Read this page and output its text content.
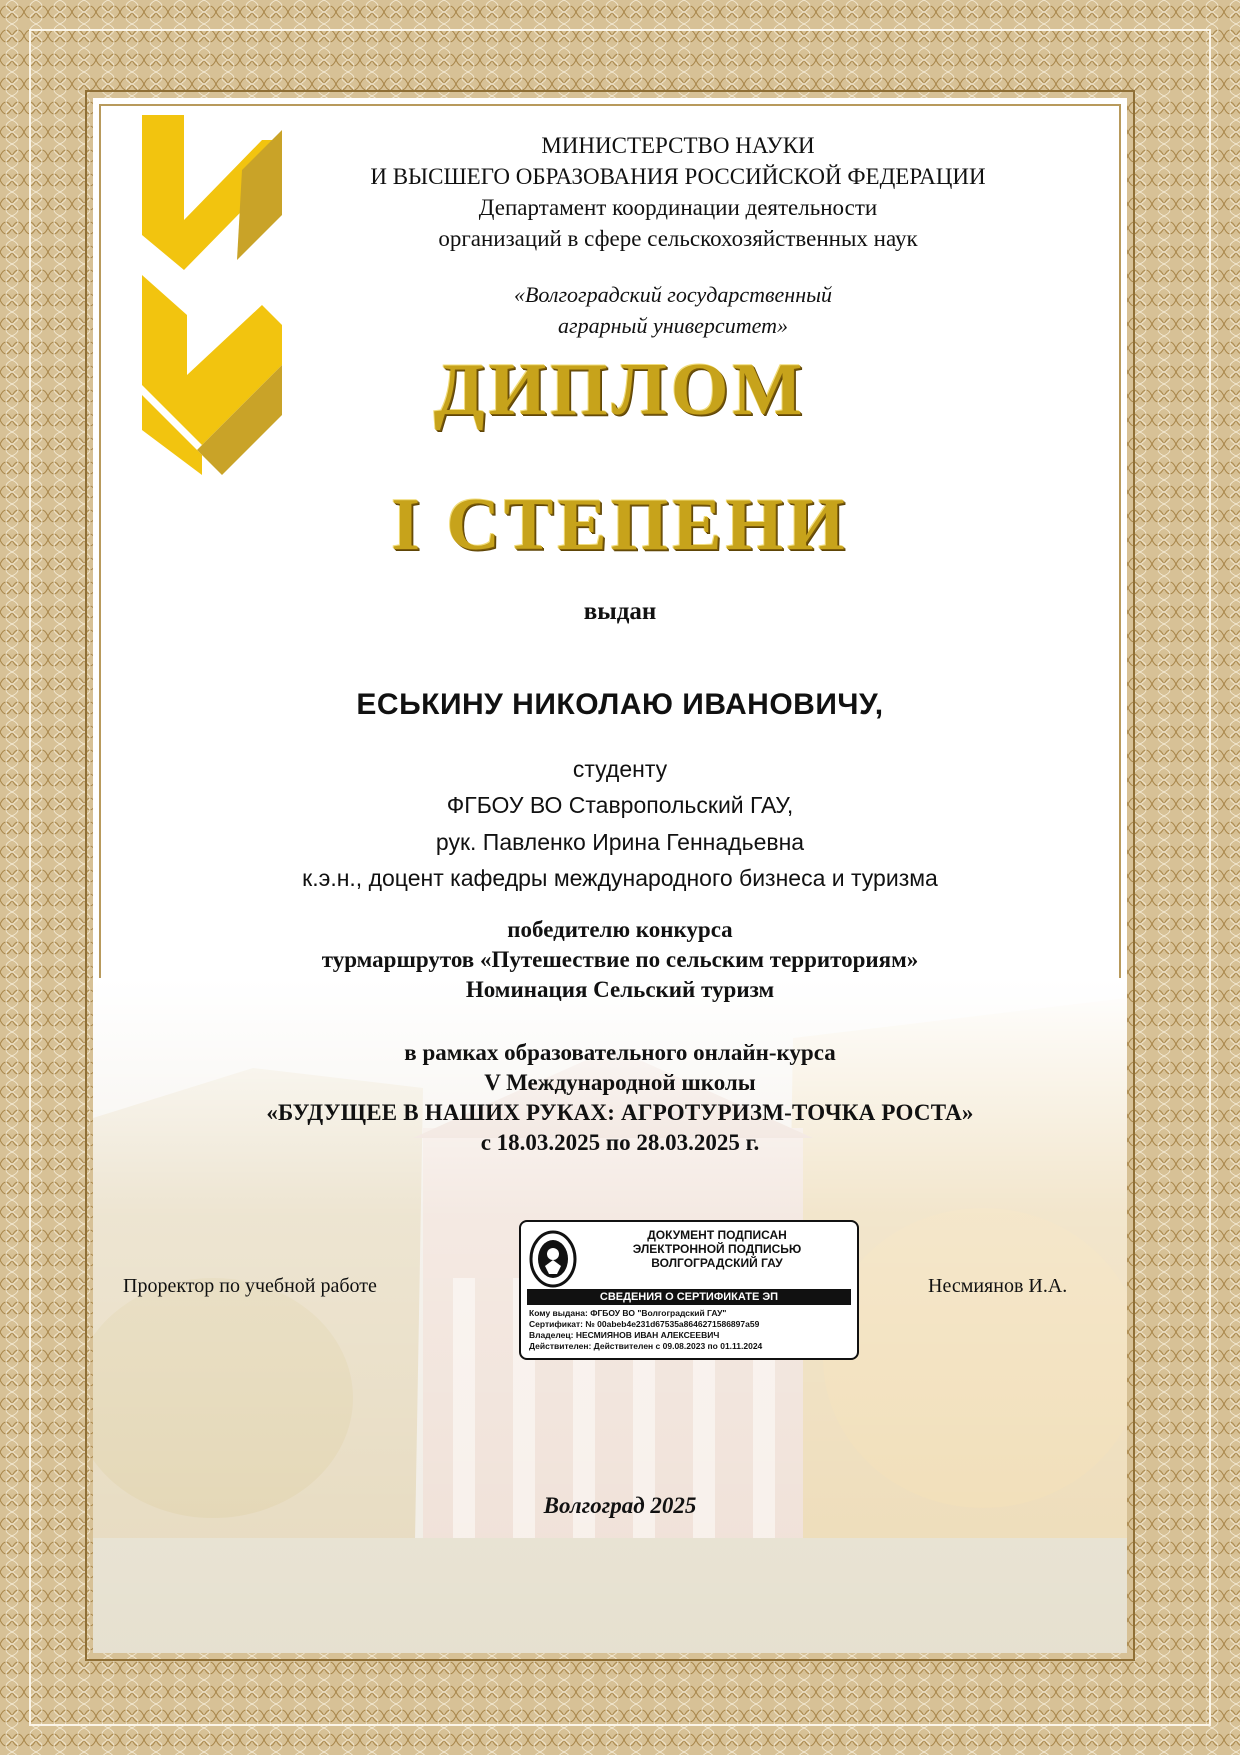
МИНИСТЕРСТВО НАУКИ
И ВЫСШЕГО ОБРАЗОВАНИЯ РОССИЙСКОЙ ФЕДЕРАЦИИ
Департамент координации деятельности
организаций в сфере сельскохозяйственных наук
«Волгоградский государственный
аграрный университет»
ДИПЛОМ
I СТЕПЕНИ
выдан
ЕСЬКИНУ НИКОЛАЮ ИВАНОВИЧУ,
студенту
ФГБОУ ВО Ставропольский ГАУ,
рук. Павленко Ирина Геннадьевна
к.э.н., доцент кафедры международного бизнеса и туризма
победителю конкурса
турмаршрутов «Путешествие по сельским территориям»
Номинация Сельский туризм
в рамках образовательного онлайн-курса
V Международной школы
«БУДУЩЕЕ В НАШИХ РУКАХ: АГРОТУРИЗМ-ТОЧКА РОСТА»
с 18.03.2025 по 28.03.2025 г.
Проректор по учебной работе	Несмиянов И.А.
ДОКУМЕНТ ПОДПИСАН
ЭЛЕКТРОННОЙ ПОДПИСЬЮ
ВОЛГОГРАДСКИЙ ГАУ
СВЕДЕНИЯ О СЕРТИФИКАТЕ ЭП
Кому выдана: ФГБОУ ВО "Волгоградский ГАУ"
Сертификат: № 00abeb4e231d67535a8646271586897a59
Владелец: НЕСМИЯНОВ ИВАН АЛЕКСЕЕВИЧ
Действителен: Действителен с 09.08.2023 по 01.11.2024
Волгоград 2025
